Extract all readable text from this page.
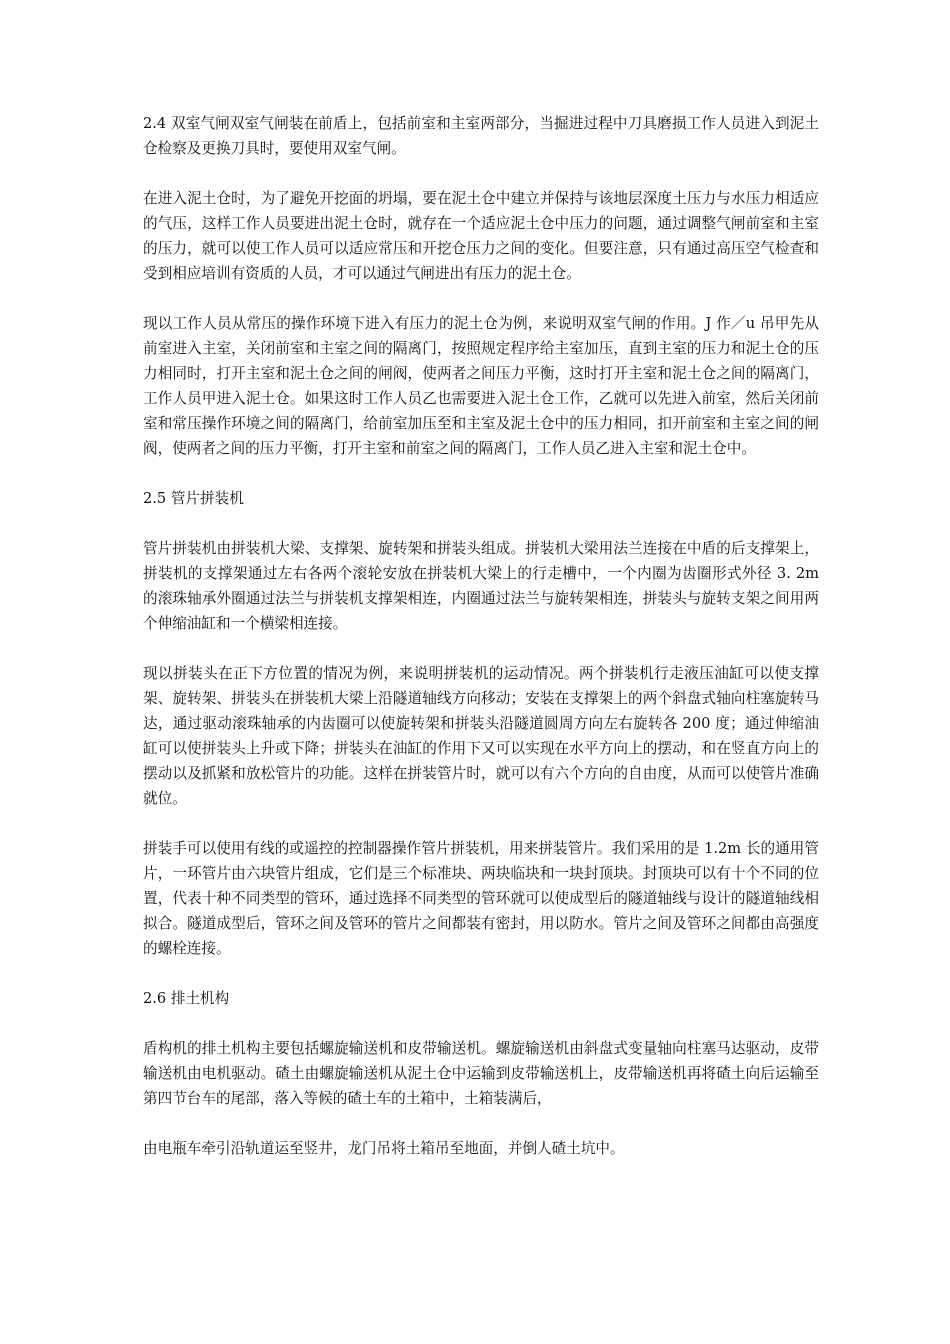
2.4 双室气闸双室气闸装在前盾上，包括前室和主室两部分，当掘进过程中刀具磨损工作人员进入到泥土仓检察及更换刀具时，要使用双室气闸。

在进入泥土仓时，为了避免开挖面的坍塌，要在泥土仓中建立并保持与该地层深度土压力与水压力相适应的气压，这样工作人员要进出泥土仓时，就存在一个适应泥土仓中压力的问题，通过调整气闸前室和主室的压力，就可以使工作人员可以适应常压和开挖仓压力之间的变化。但要注意，只有通过高压空气检查和受到相应培训有资质的人员，才可以通过气闸进出有压力的泥土仓。

现以工作人员从常压的操作环境下进入有压力的泥土仓为例，来说明双室气闸的作用。J 作／u 吊甲先从前室进入主室，关闭前室和主室之间的隔离门，按照规定程序给主室加压，直到主室的压力和泥土仓的压力相同时，打开主室和泥土仓之间的闸阀，使两者之间压力平衡，这时打开主室和泥土仓之间的隔离门，工作人员甲进入泥土仓。如果这时工作人员乙也需要进入泥土仓工作，乙就可以先进入前室，然后关闭前室和常压操作环境之间的隔离门，给前室加压至和主室及泥土仓中的压力相同，扣开前室和主室之间的闸阀，使两者之间的压力平衡，打开主室和前室之间的隔离门，工作人员乙进入主室和泥土仓中。

2.5 管片拼装机

管片拼装机由拼装机大梁、支撑架、旋转架和拼装头组成。拼装机大梁用法兰连接在中盾的后支撑架上，拼装机的支撑架通过左右各两个滚轮安放在拼装机大梁上的行走槽中，一个内圈为齿圈形式外径 3. 2m 的滚珠轴承外圈通过法兰与拼装机支撑架相连，内圈通过法兰与旋转架相连，拼装头与旋转支架之间用两个伸缩油缸和一个横梁相连接。

现以拼装头在正下方位置的情况为例，来说明拼装机的运动情况。两个拼装机行走液压油缸可以使支撑架、旋转架、拼装头在拼装机大梁上沿隧道轴线方向移动；安装在支撑架上的两个斜盘式轴向柱塞旋转马达，通过驱动滚珠轴承的内齿圈可以使旋转架和拼装头沿隧道圆周方向左右旋转各 200 度；通过伸缩油缸可以使拼装头上升或下降；拼装头在油缸的作用下又可以实现在水平方向上的摆动，和在竖直方向上的摆动以及抓紧和放松管片的功能。这样在拼装管片时，就可以有六个方向的自由度，从而可以使管片准确就位。

拼装手可以使用有线的或遥控的控制器操作管片拼装机，用来拼装管片。我们采用的是 1.2m 长的通用管片，一环管片由六块管片组成，它们是三个标准块、两块临块和一块封顶块。封顶块可以有十个不同的位置，代表十种不同类型的管环，通过选择不同类型的管环就可以使成型后的隧道轴线与设计的隧道轴线相拟合。隧道成型后，管环之间及管环的管片之间都装有密封，用以防水。管片之间及管环之间都由高强度的螺栓连接。

2.6 排土机构

盾构机的排土机构主要包括螺旋输送机和皮带输送机。螺旋输送机由斜盘式变量轴向柱塞马达驱动，皮带输送机由电机驱动。碴土由螺旋输送机从泥土仓中运输到皮带输送机上，皮带输送机再将碴土向后运输至第四节台车的尾部，落入等候的碴土车的土箱中，土箱装满后，

由电瓶车牵引沿轨道运至竖井，龙门吊将土箱吊至地面，并倒人碴土坑中。
